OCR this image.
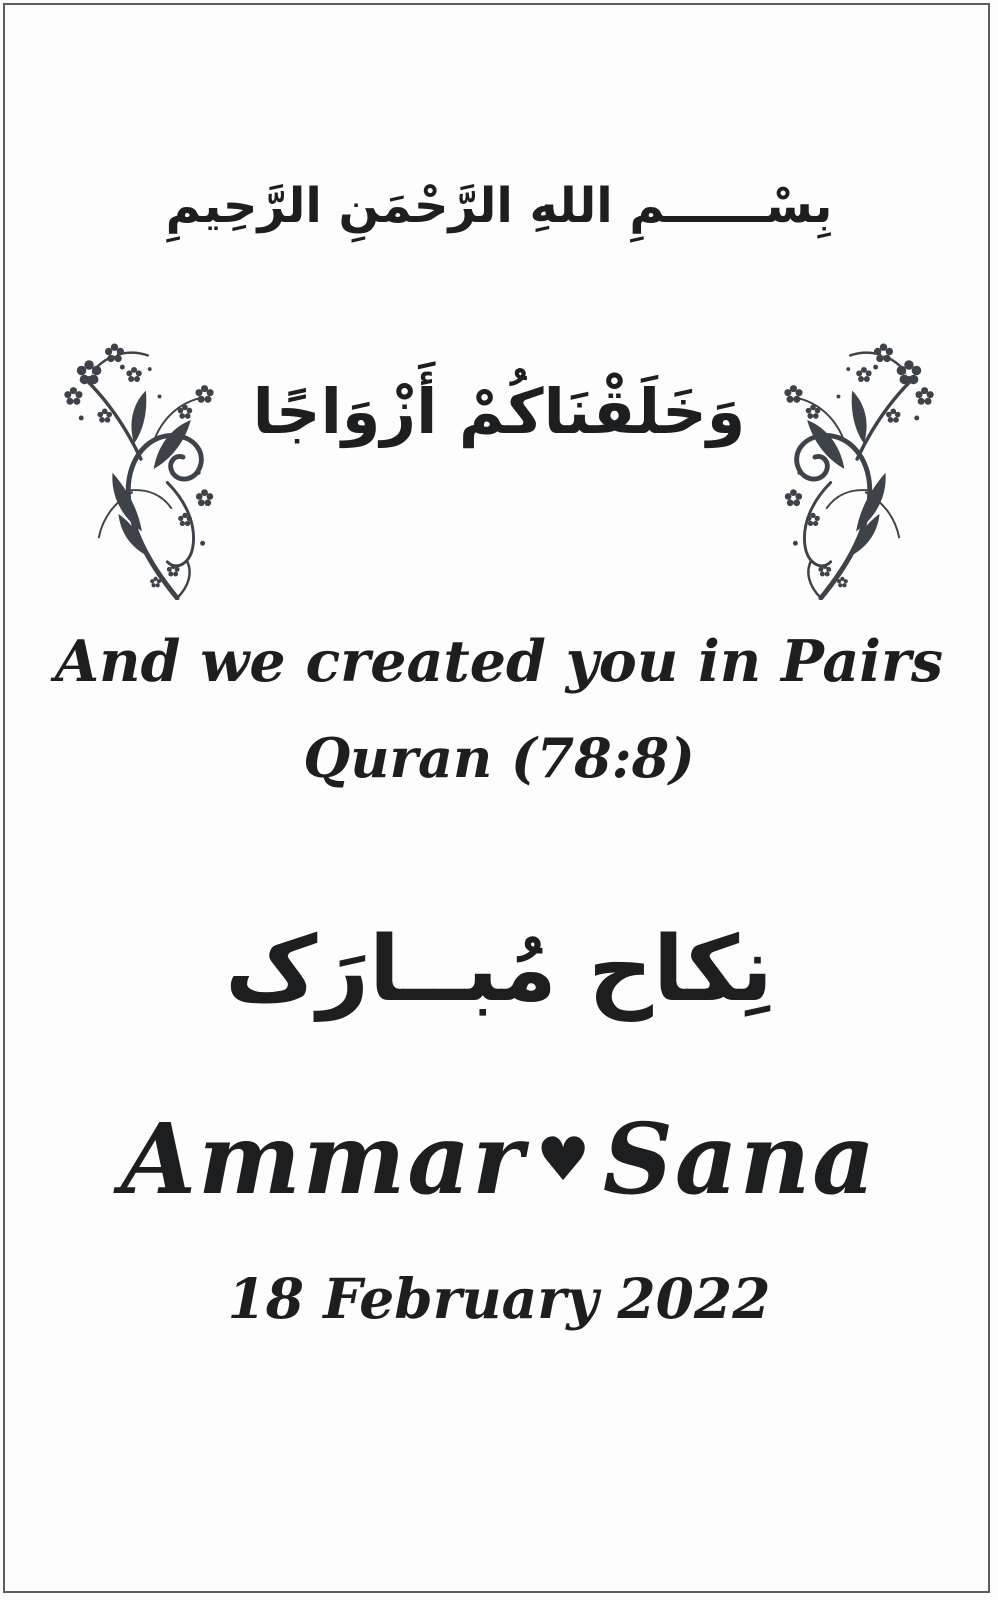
بِسْــــــمِ اللهِ الرَّحْمَنِ الرَّحِيمِ
وَخَلَقْنَاكُمْ أَزْوَاجًا
And we created you in Pairs
Quran (78:8)
نِکاح مُبــارَک
Ammar ♥ Sana
18 February 2022
